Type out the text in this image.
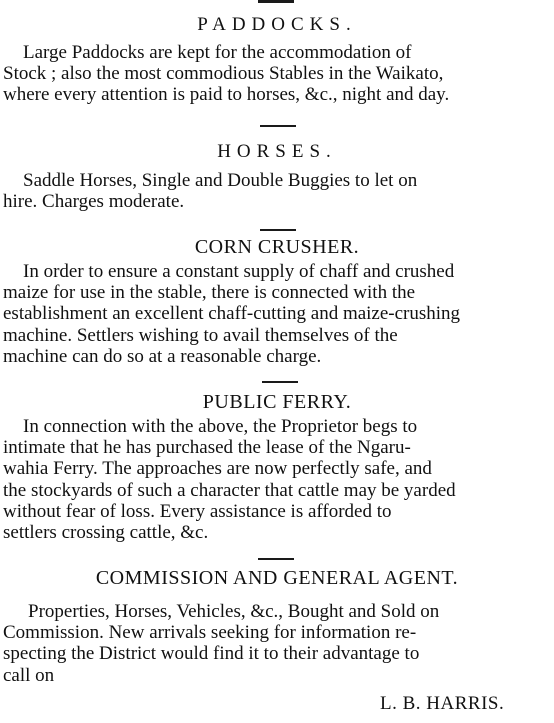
PADDOCKS.
Large Paddocks are kept for the accommodation of
Stock ; also the most commodious Stables in the Waikato,
where every attention is paid to horses, &c., night and day.
HORSES.
Saddle Horses, Single and Double Buggies to let on
hire. Charges moderate.
CORN CRUSHER.
In order to ensure a constant supply of chaff and crushed
maize for use in the stable, there is connected with the
establishment an excellent chaff-cutting and maize-crushing
machine. Settlers wishing to avail themselves of the
machine can do so at a reasonable charge.
PUBLIC FERRY.
In connection with the above, the Proprietor begs to
intimate that he has purchased the lease of the Ngaru-
wahia Ferry. The approaches are now perfectly safe, and
the stockyards of such a character that cattle may be yarded
without fear of loss. Every assistance is afforded to
settlers crossing cattle, &c.
COMMISSION AND GENERAL AGENT.
Properties, Horses, Vehicles, &c., Bought and Sold on
Commission. New arrivals seeking for information re-
specting the District would find it to their advantage to
call on
L. B. HARRIS.
